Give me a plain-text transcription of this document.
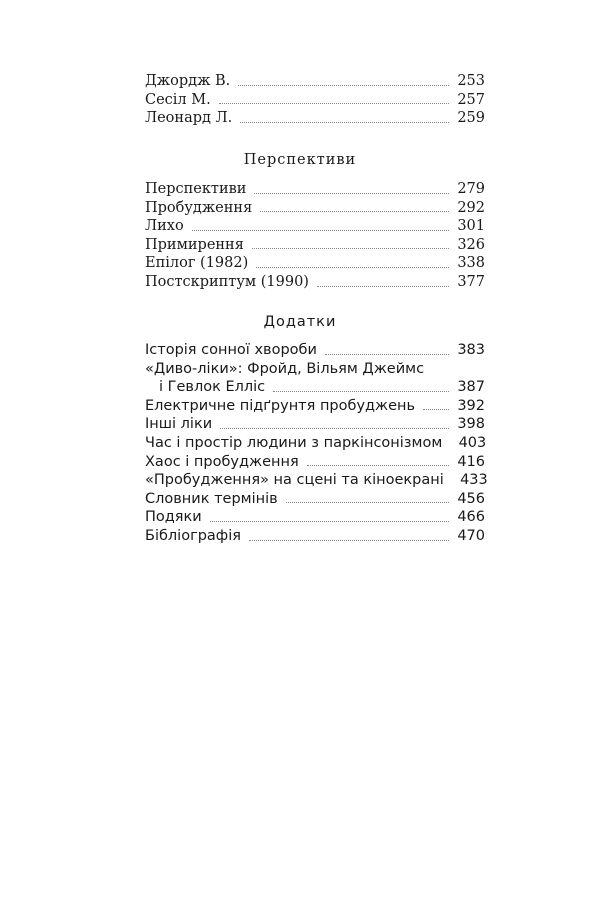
Джордж В.	253
Сесіл М.	257
Леонард Л.	259
Перспективи
Перспективи	279
Пробудження	292
Лихо	301
Примирення	326
Епілог (1982)	338
Постскриптум (1990)	377
Додатки
Історія сонної хвороби	383
«Диво-ліки»: Фройд, Вільям Джеймс
і Гевлок Елліс	387
Електричне підґрунтя пробуджень	392
Інші ліки	398
Час і простір людини з паркінсонізмом 403
Хаос і пробудження	416
«Пробудження» на сцені та кіноекрані 433
Словник термінів	456
Подяки	466
Бібліографія	470
